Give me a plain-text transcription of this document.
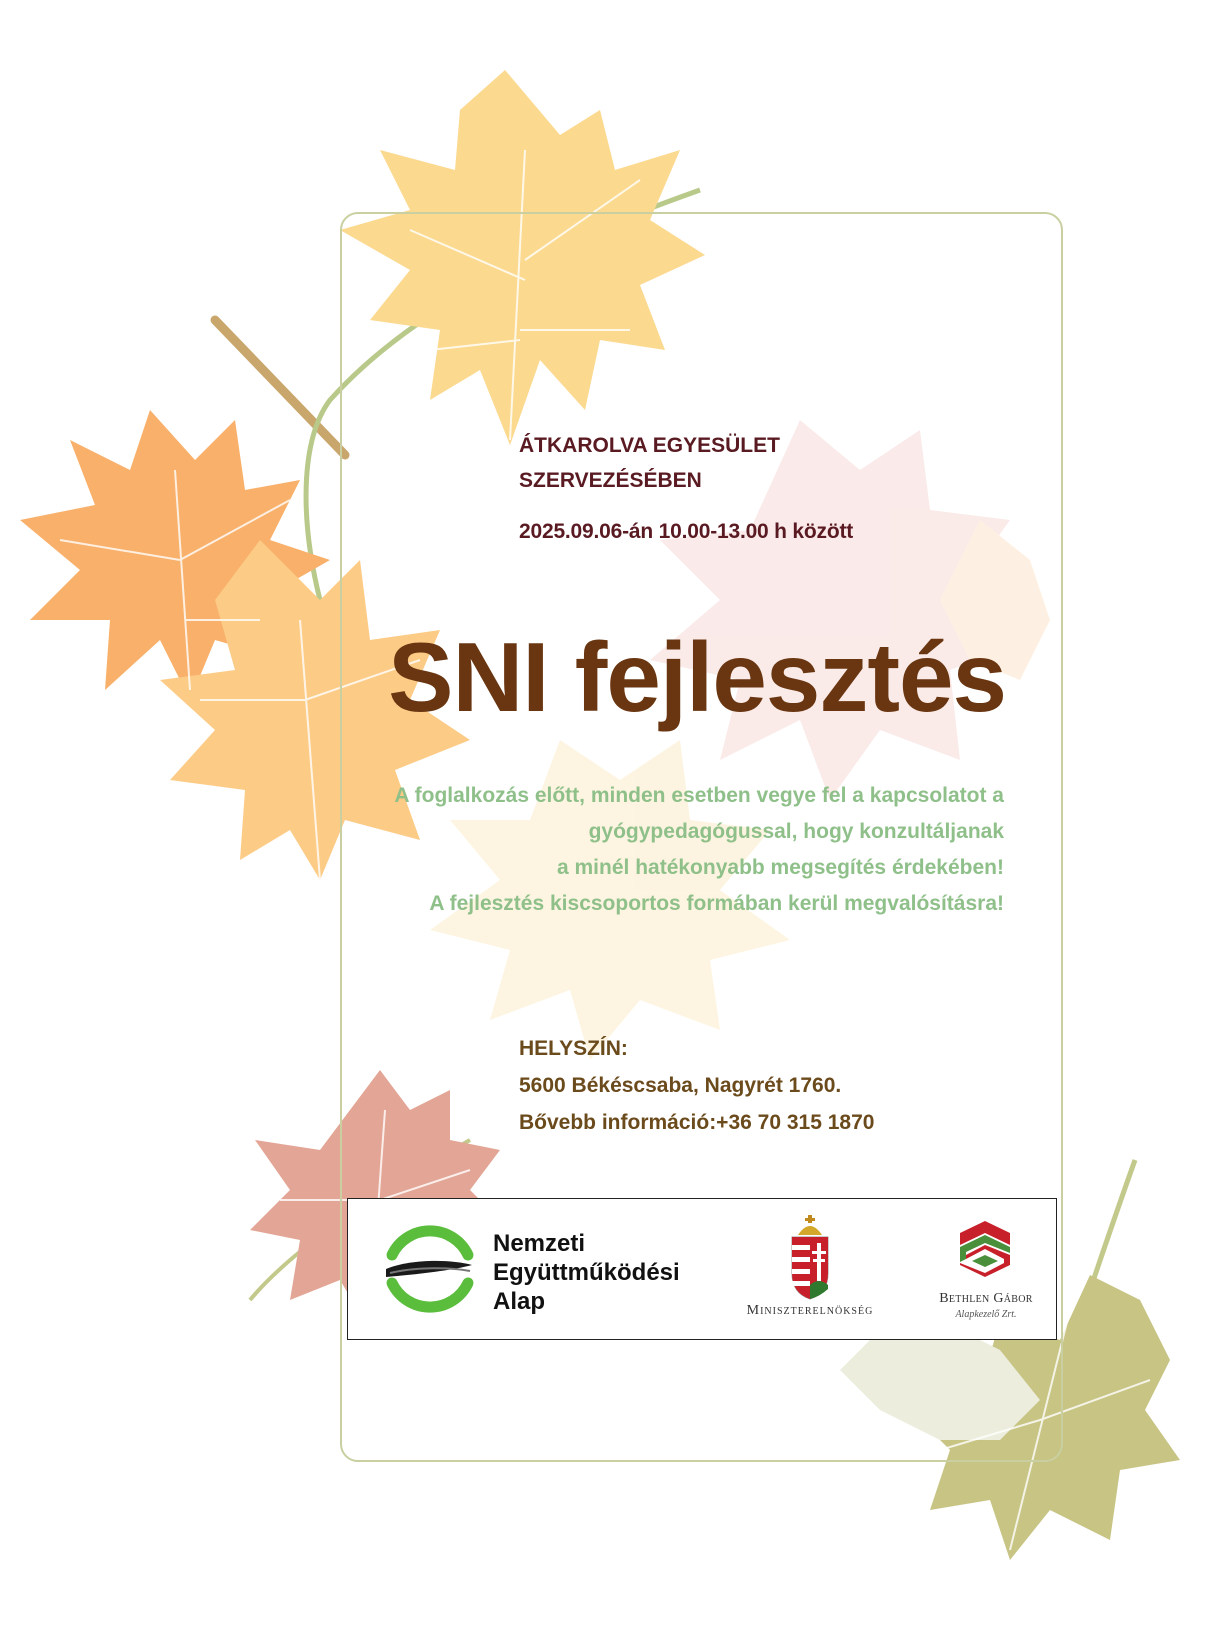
ÁTKAROLVA EGYESÜLET
SZERVEZÉSÉBEN
2025.09.06-án 10.00-13.00 h között
SNI fejlesztés
A foglalkozás előtt, minden esetben vegye fel a kapcsolatot a
gyógypedagógussal, hogy konzultáljanak
a minél hatékonyabb megsegítés érdekében!
A fejlesztés kiscsoportos formában kerül megvalósításra!
HELYSZÍN:
5600 Békéscsaba, Nagyrét 1760.
Bővebb információ:+36 70 315 1870
Nemzeti
Együttműködési
Alap	Miniszterelnökség
Bethlen Gábor
Alapkezelő Zrt.
